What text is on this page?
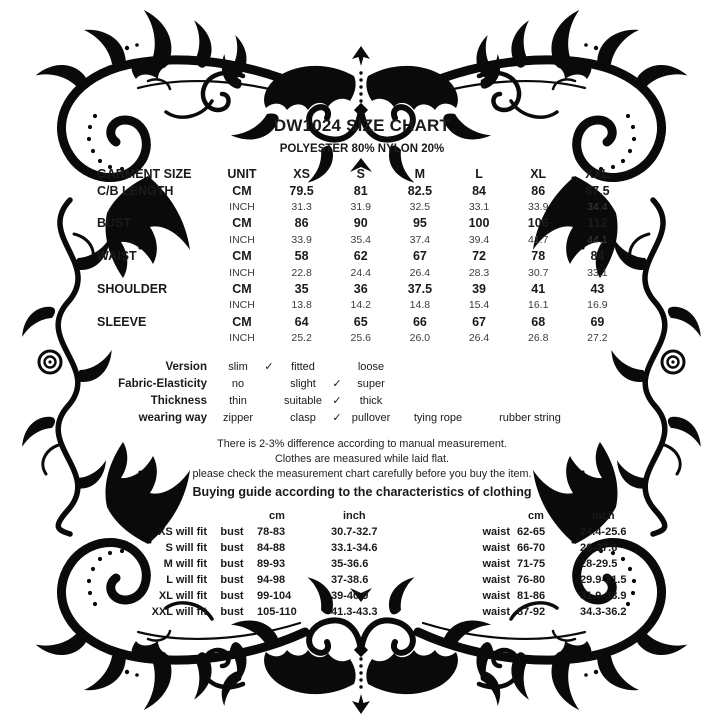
DW1024 SIZE CHART
POLYESTER 80% NYLON 20%
GARMENT SIZE	UNIT	XS	S	M	L	XL	XXL
C/B LENGTH	CM	79.5	81	82.5	84	86	87.5
	INCH	31.3	31.9	32.5	33.1	33.9	34.4
BUST	CM	86	90	95	100	106	112
	INCH	33.9	35.4	37.4	39.4	41.7	44.1
WAIST	CM	58	62	67	72	78	84
	INCH	22.8	24.4	26.4	28.3	30.7	33.1
SHOULDER	CM	35	36	37.5	39	41	43
	INCH	13.8	14.2	14.8	15.4	16.1	16.9
SLEEVE	CM	64	65	66	67	68	69
	INCH	25.2	25.6	26.0	26.4	26.8	27.2
Version	slim	✓	fitted		loose		
Fabric-Elasticity	no		slight	✓	super		
Thickness	thin		suitable	✓	thick		
wearing way	zipper		clasp	✓	pullover	tying rope	rubber string

There is 2-3% difference according to manual measurement.

Clothes are measured while laid flat.

please check the measurement chart carefully before you buy the item.

Buying guide according to the characteristics of clothing
		cm	inch		cm	inch
XS will fit	bust	78-83	30.7-32.7	waist	62-65	24.4-25.6
S will fit	bust	84-88	33.1-34.6	waist	66-70	26-27.6
M will fit	bust	89-93	35-36.6	waist	71-75	28-29.5
L will fit	bust	94-98	37-38.6	waist	76-80	29.9-31.5
XL will fit	bust	99-104	39-40.9	waist	81-86	31.9-33.9
XXL will fit	bust	105-110	41.3-43.3	waist	87-92	34.3-36.2
